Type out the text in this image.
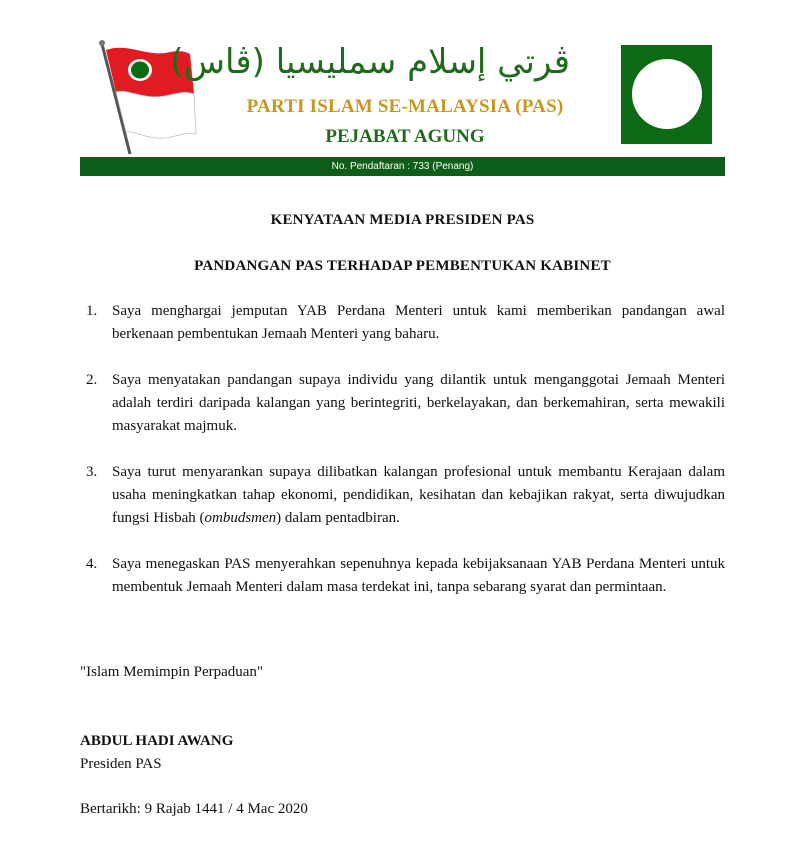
ڤرتي إسلام سمليسيا (ڤاس)
PARTI ISLAM SE-MALAYSIA (PAS)
PEJABAT AGUNG
No. Pendaftaran : 733 (Penang)
KENYATAAN MEDIA PRESIDEN PAS
PANDANGAN PAS TERHADAP PEMBENTUKAN KABINET
1. Saya menghargai jemputan YAB Perdana Menteri untuk kami memberikan pandangan awal berkenaan pembentukan Jemaah Menteri yang baharu.
2. Saya menyatakan pandangan supaya individu yang dilantik untuk menganggotai Jemaah Menteri adalah terdiri daripada kalangan yang berintegriti, berkelayakan, dan berkemahiran, serta mewakili masyarakat majmuk.
3. Saya turut menyarankan supaya dilibatkan kalangan profesional untuk membantu Kerajaan dalam usaha meningkatkan tahap ekonomi, pendidikan, kesihatan dan kebajikan rakyat, serta diwujudkan fungsi Hisbah (ombudsmen) dalam pentadbiran.
4. Saya menegaskan PAS menyerahkan sepenuhnya kepada kebijaksanaan YAB Perdana Menteri untuk membentuk Jemaah Menteri dalam masa terdekat ini, tanpa sebarang syarat dan permintaan.
"Islam Memimpin Perpaduan"
ABDUL HADI AWANG
Presiden PAS
Bertarikh: 9 Rajab 1441 / 4 Mac 2020
